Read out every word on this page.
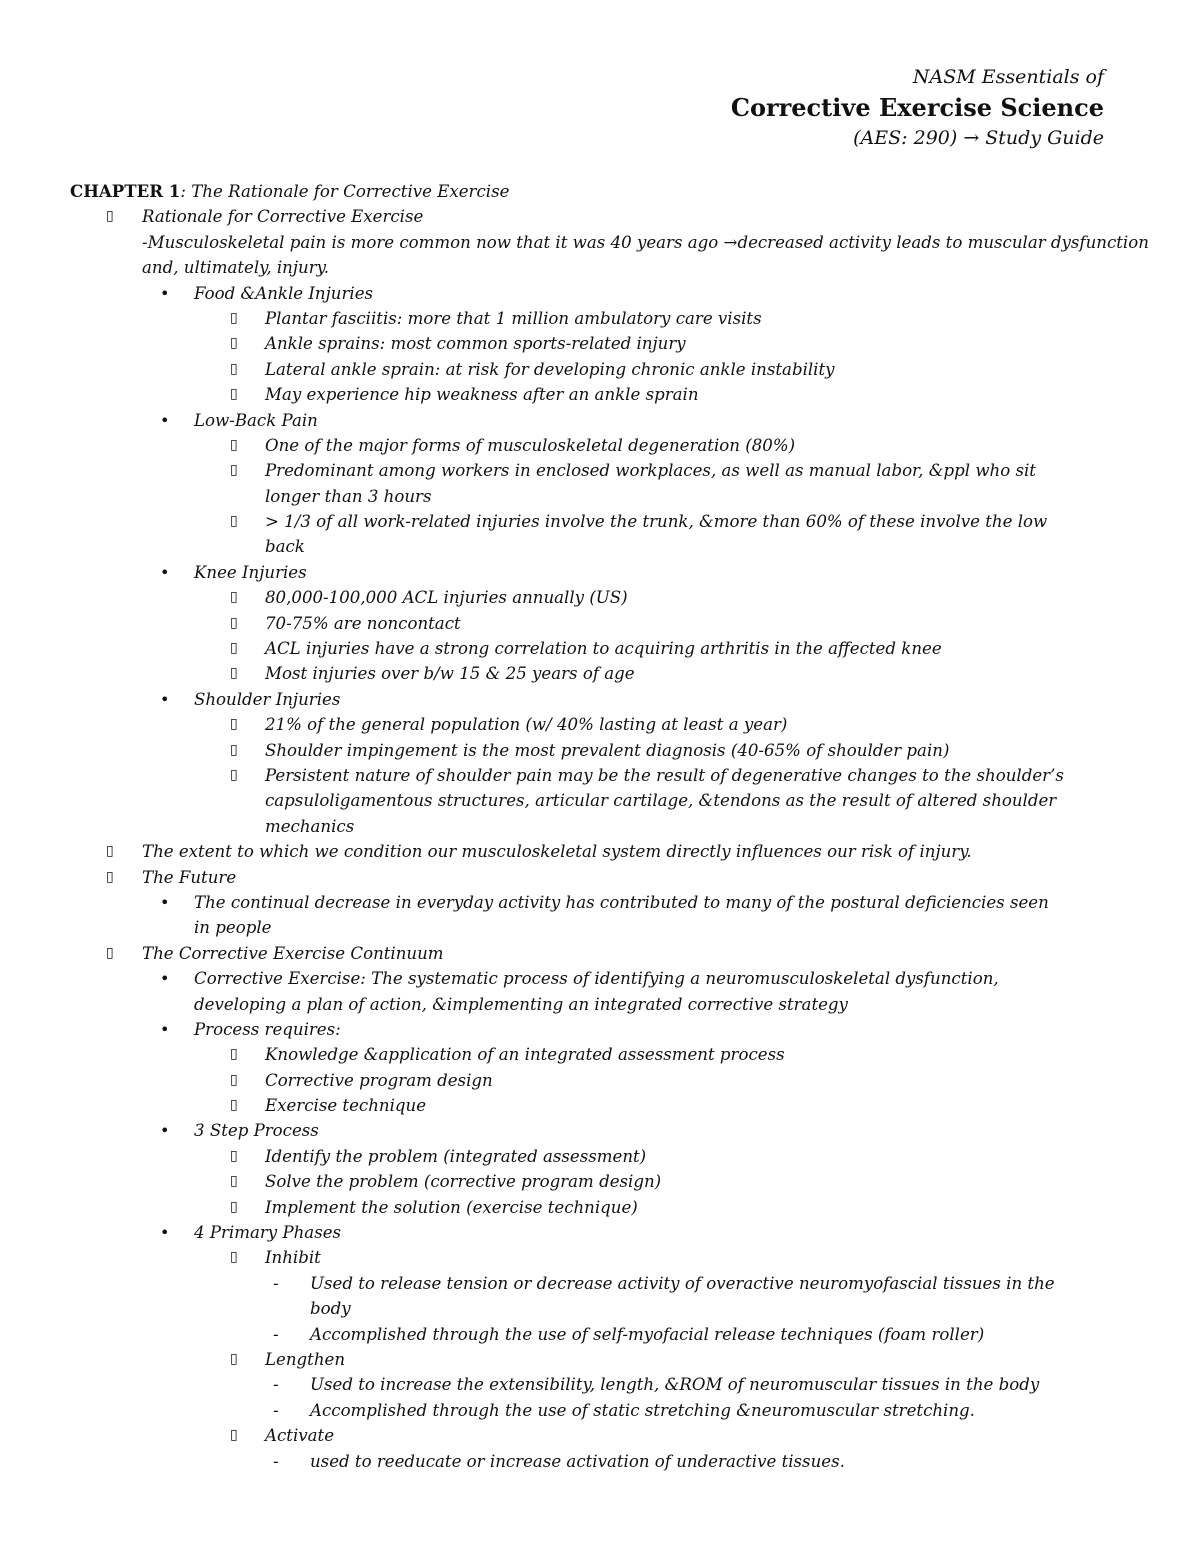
NASM Essentials of
Corrective Exercise Science
(AES: 290) → Study Guide
CHAPTER 1: The Rationale for Corrective Exercise
▯ Rationale for Corrective Exercise
-Musculoskeletal pain is more common now that it was 40 years ago →decreased activity leads to muscular dysfunction
and, ultimately, injury.
• Food &Ankle Injuries
▯ Plantar fasciitis: more that 1 million ambulatory care visits
▯ Ankle sprains: most common sports-related injury
▯ Lateral ankle sprain: at risk for developing chronic ankle instability
▯ May experience hip weakness after an ankle sprain
• Low-Back Pain
▯ One of the major forms of musculoskeletal degeneration (80%)
▯ Predominant among workers in enclosed workplaces, as well as manual labor, &ppl who sit
longer than 3 hours
▯ > 1/3 of all work-related injuries involve the trunk, &more than 60% of these involve the low
back
• Knee Injuries
▯ 80,000-100,000 ACL injuries annually (US)
▯ 70-75% are noncontact
▯ ACL injuries have a strong correlation to acquiring arthritis in the affected knee
▯ Most injuries over b/w 15 & 25 years of age
• Shoulder Injuries
▯ 21% of the general population (w/ 40% lasting at least a year)
▯ Shoulder impingement is the most prevalent diagnosis (40-65% of shoulder pain)
▯ Persistent nature of shoulder pain may be the result of degenerative changes to the shoulder’s
capsuloligamentous structures, articular cartilage, &tendons as the result of altered shoulder
mechanics
▯ The extent to which we condition our musculoskeletal system directly influences our risk of injury.
▯ The Future
• The continual decrease in everyday activity has contributed to many of the postural deficiencies seen
in people
▯ The Corrective Exercise Continuum
• Corrective Exercise: The systematic process of identifying a neuromusculoskeletal dysfunction,
developing a plan of action, &implementing an integrated corrective strategy
• Process requires:
▯ Knowledge &application of an integrated assessment process
▯ Corrective program design
▯ Exercise technique
• 3 Step Process
▯ Identify the problem (integrated assessment)
▯ Solve the problem (corrective program design)
▯ Implement the solution (exercise technique)
• 4 Primary Phases
▯ Inhibit
- Used to release tension or decrease activity of overactive neuromyofascial tissues in the
body
- Accomplished through the use of self-myofacial release techniques (foam roller)
▯ Lengthen
- Used to increase the extensibility, length, &ROM of neuromuscular tissues in the body
- Accomplished through the use of static stretching &neuromuscular stretching.
▯ Activate
- used to reeducate or increase activation of underactive tissues.
